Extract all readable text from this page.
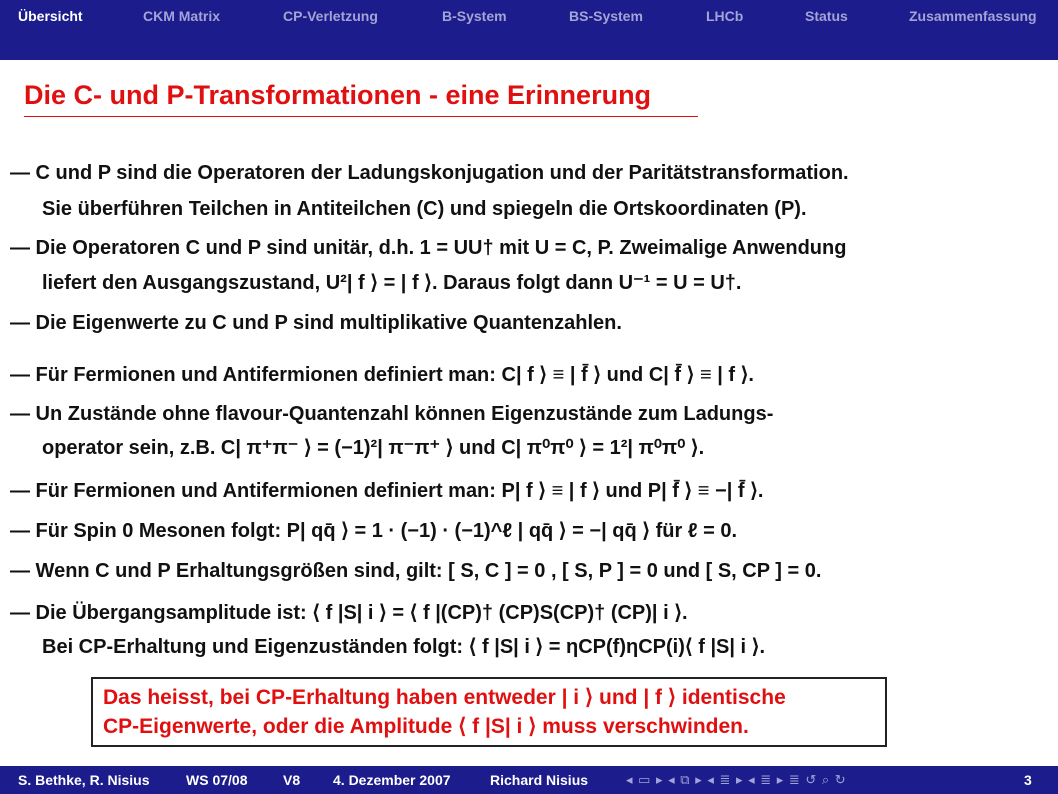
Übersicht	CKM Matrix	CP-Verletzung	B-System	BS-System	LHCb	Status	Zusammenfassung
Die C- und P-Transformationen - eine Erinnerung
— C und P sind die Operatoren der Ladungskonjugation und der Paritätstransformation.
Sie überführen Teilchen in Antiteilchen (C) und spiegeln die Ortskoordinaten (P).
— Die Operatoren C und P sind unitär, d.h. 1 = UU† mit U = C, P. Zweimalige Anwendung
liefert den Ausgangszustand, U²| f ⟩ = | f ⟩. Daraus folgt dann U⁻¹ = U = U†.
— Die Eigenwerte zu C und P sind multiplikative Quantenzahlen.
— Für Fermionen und Antifermionen definiert man: C| f ⟩ ≡ | f̄ ⟩ und C| f̄ ⟩ ≡ | f ⟩.
— Un Zustände ohne flavour-Quantenzahl können Eigenzustände zum Ladungs-
operator sein, z.B. C| π⁺π⁻ ⟩ = (−1)²| π⁻π⁺ ⟩ und C| π⁰π⁰ ⟩ = 1²| π⁰π⁰ ⟩.
— Für Fermionen und Antifermionen definiert man: P| f ⟩ ≡ | f ⟩ und P| f̄ ⟩ ≡ −| f̄ ⟩.
— Für Spin 0 Mesonen folgt: P| qq̄ ⟩ = 1 · (−1) · (−1)^ℓ | qq̄ ⟩ = −| qq̄ ⟩ für ℓ = 0.
— Wenn C und P Erhaltungsgrößen sind, gilt: [ S, C ] = 0 , [ S, P ] = 0 und [ S, CP ] = 0.
— Die Übergangsamplitude ist: ⟨ f |S| i ⟩ = ⟨ f |(CP)† (CP)S(CP)† (CP)| i ⟩.
Bei CP-Erhaltung und Eigenzuständen folgt: ⟨ f |S| i ⟩ = ηCP(f)ηCP(i)⟨ f |S| i ⟩.
Das heisst, bei CP-Erhaltung haben entweder | i ⟩ und | f ⟩ identische
CP-Eigenwerte, oder die Amplitude ⟨ f |S| i ⟩ muss verschwinden.
S. Bethke, R. Nisius	WS 07/08	V8 4. Dezember 2007	Richard Nisius	◂ ▭ ▸ ◂ ⧉ ▸ ◂ ≣ ▸ ◂ ≣ ▸ ≣ ↺ ⌕ ↻	3
